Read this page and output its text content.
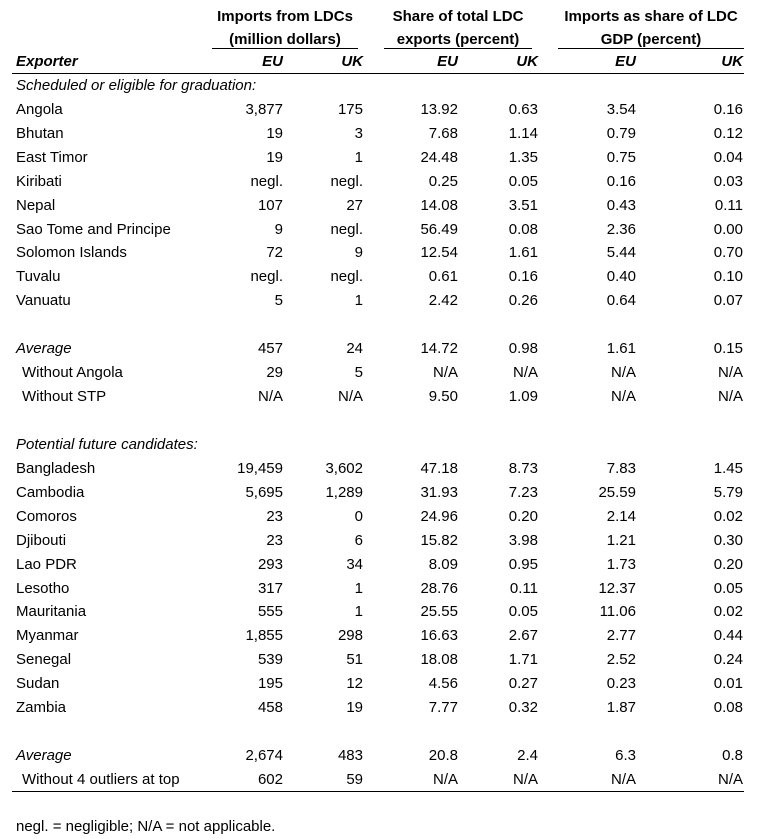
Imports from LDCs
(million dollars)
Share of total LDC
exports (percent)
Imports as share of LDC
GDP (percent)
Exporter	EU	UK	EU	UK	EU	UK
Scheduled or eligible for graduation:
Angola	3,877	175	13.92	0.63	3.54	0.16
Bhutan	19	3	7.68	1.14	0.79	0.12
East Timor	19	1	24.48	1.35	0.75	0.04
Kiribati	negl.	negl.	0.25	0.05	0.16	0.03
Nepal	107	27	14.08	3.51	0.43	0.11
Sao Tome and Principe	9	negl.	56.49	0.08	2.36	0.00
Solomon Islands	72	9	12.54	1.61	5.44	0.70
Tuvalu	negl.	negl.	0.61	0.16	0.40	0.10
Vanuatu	5	1	2.42	0.26	0.64	0.07
Average	457	24	14.72	0.98	1.61	0.15
Without Angola	29	5	N/A	N/A	N/A	N/A
Without STP	N/A	N/A	9.50	1.09	N/A	N/A
Potential future candidates:
Bangladesh	19,459	3,602	47.18	8.73	7.83	1.45
Cambodia	5,695	1,289	31.93	7.23	25.59	5.79
Comoros	23	0	24.96	0.20	2.14	0.02
Djibouti	23	6	15.82	3.98	1.21	0.30
Lao PDR	293	34	8.09	0.95	1.73	0.20
Lesotho	317	1	28.76	0.11	12.37	0.05
Mauritania	555	1	25.55	0.05	11.06	0.02
Myanmar	1,855	298	16.63	2.67	2.77	0.44
Senegal	539	51	18.08	1.71	2.52	0.24
Sudan	195	12	4.56	0.27	0.23	0.01
Zambia	458	19	7.77	0.32	1.87	0.08
Average	2,674	483	20.8	2.4	6.3	0.8
Without 4 outliers at top	602	59	N/A	N/A	N/A	N/A
negl. = negligible; N/A = not applicable.
